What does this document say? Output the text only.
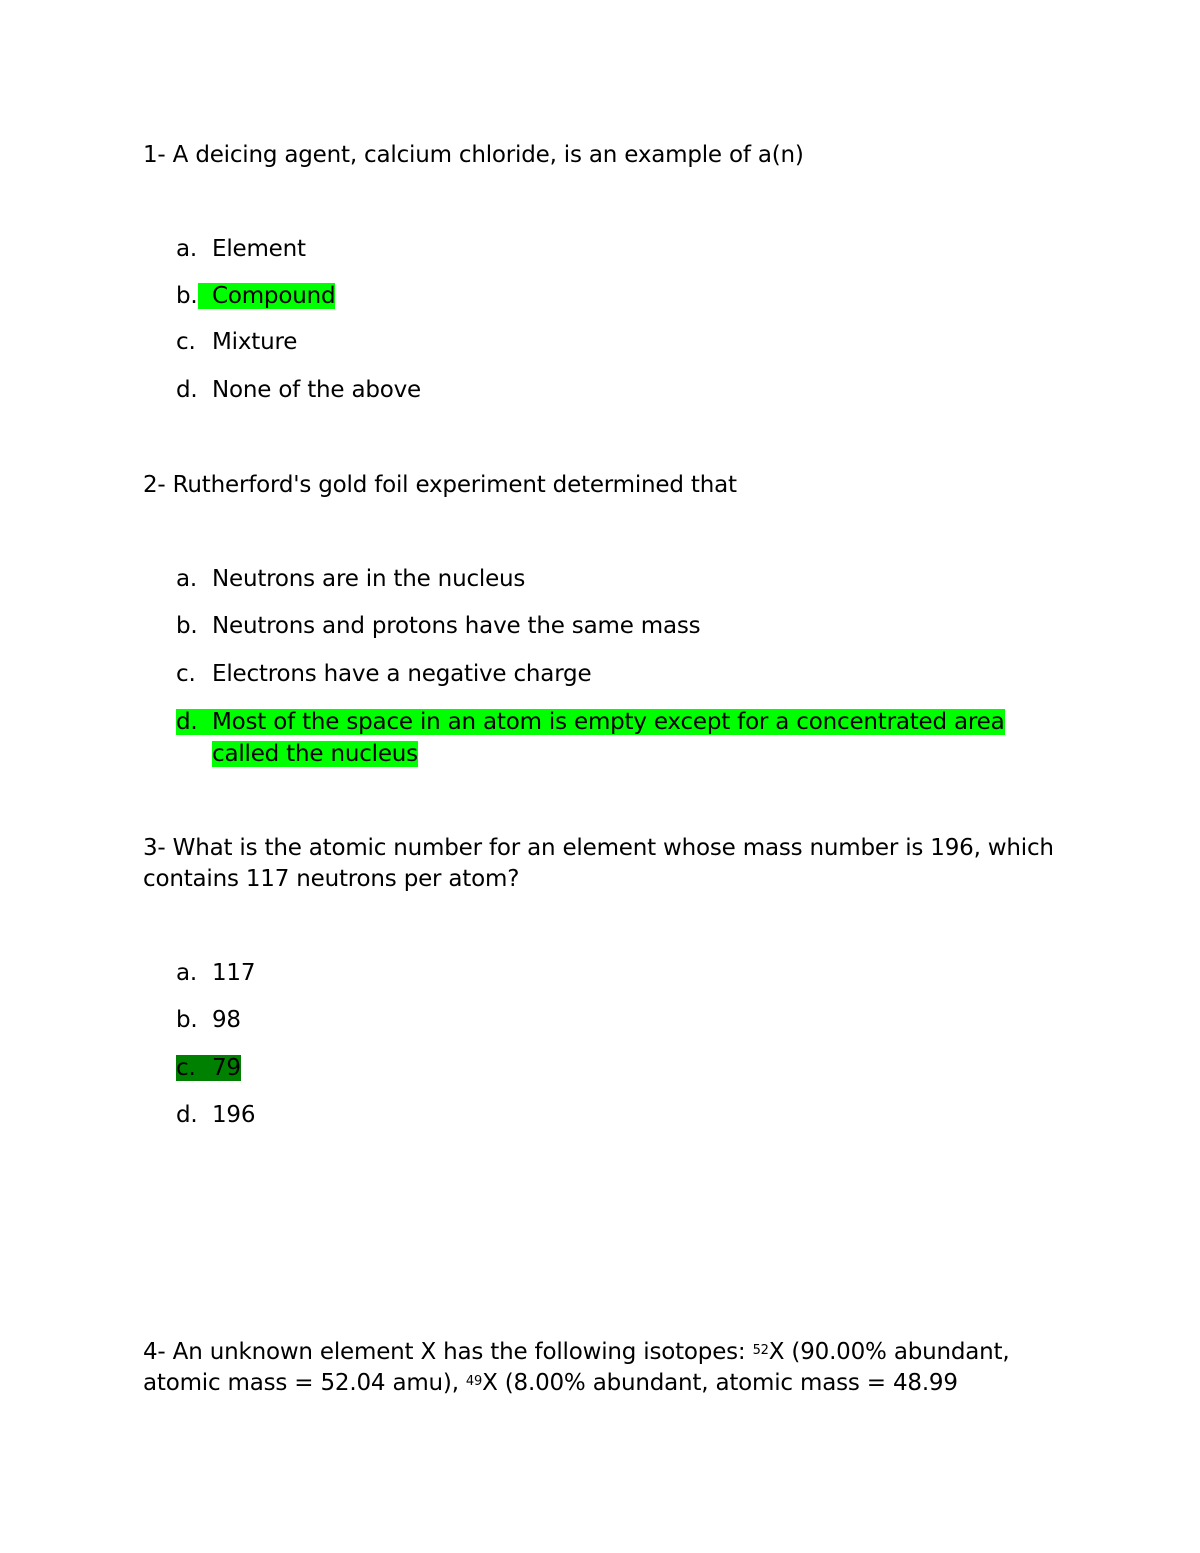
1- A deicing agent, calcium chloride, is an example of a(n)
a. Element
b. Compound
c. Mixture
d. None of the above
2- Rutherford's gold foil experiment determined that
a. Neutrons are in the nucleus
b. Neutrons and protons have the same mass
c. Electrons have a negative charge
d. Most of the space in an atom is empty except for a concentrated area
called the nucleus
3- What is the atomic number for an element whose mass number is 196, which contains 117 neutrons per atom?
a. 117
b. 98
c. 79
d. 196
4- An unknown element X has the following isotopes: $^{52}$X (90.00% abundant, atomic mass = 52.04 amu), $^{49}$X (8.00% abundant, atomic mass = 48.99
